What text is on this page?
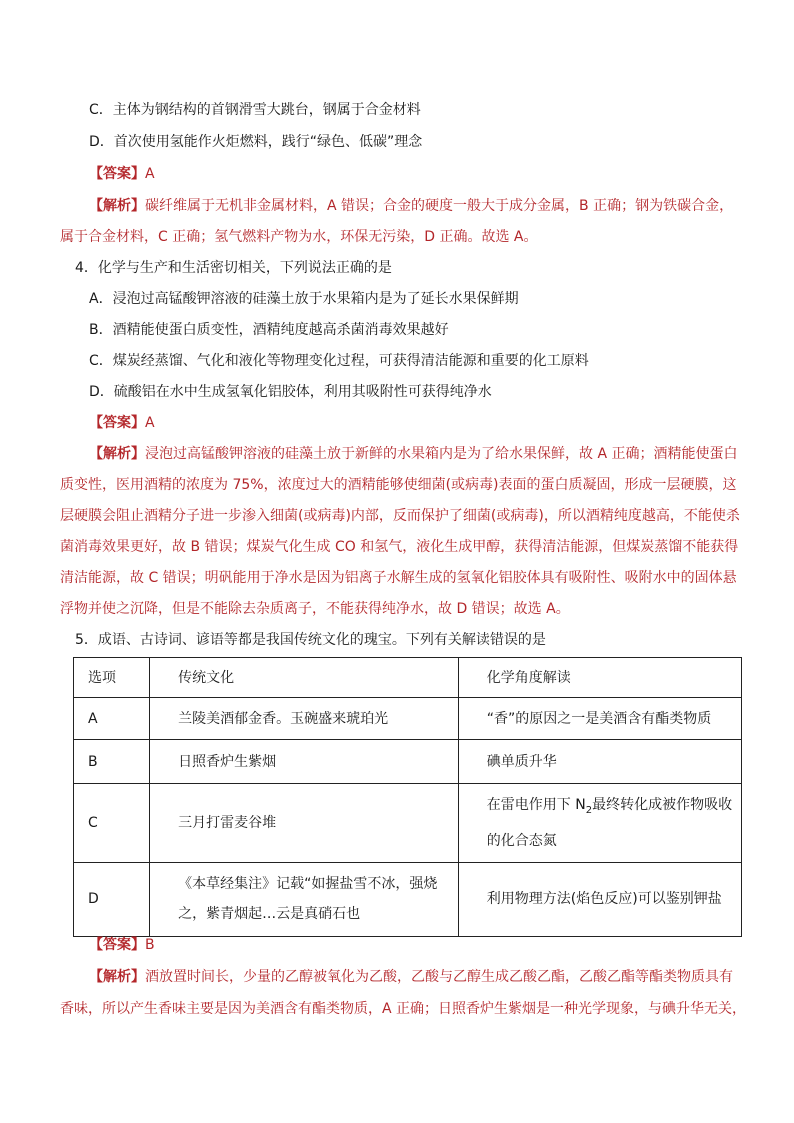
C．主体为钢结构的首钢滑雪大跳台，钢属于合金材料
D．首次使用氢能作火炬燃料，践行“绿色、低碳”理念
【答案】A
【解析】碳纤维属于无机非金属材料，A 错误；合金的硬度一般大于成分金属，B 正确；钢为铁碳合金，
属于合金材料，C 正确；氢气燃料产物为水，环保无污染，D 正确。故选 A。
4．化学与生产和生活密切相关，下列说法正确的是
A．浸泡过高锰酸钾溶液的硅藻土放于水果箱内是为了延长水果保鲜期
B．酒精能使蛋白质变性，酒精纯度越高杀菌消毒效果越好
C．煤炭经蒸馏、气化和液化等物理变化过程，可获得清洁能源和重要的化工原料
D．硫酸铝在水中生成氢氧化铝胶体，利用其吸附性可获得纯净水
【答案】A
【解析】浸泡过高锰酸钾溶液的硅藻土放于新鲜的水果箱内是为了给水果保鲜，故 A 正确；酒精能使蛋白
质变性，医用酒精的浓度为 75%，浓度过大的酒精能够使细菌(或病毒)表面的蛋白质凝固，形成一层硬膜，这
层硬膜会阻止酒精分子进一步渗入细菌(或病毒)内部，反而保护了细菌(或病毒)，所以酒精纯度越高，不能使杀
菌消毒效果更好，故 B 错误；煤炭气化生成 CO 和氢气，液化生成甲醇，获得清洁能源，但煤炭蒸馏不能获得
清洁能源，故 C 错误；明矾能用于净水是因为铝离子水解生成的氢氧化铝胶体具有吸附性、吸附水中的固体悬
浮物并使之沉降，但是不能除去杂质离子，不能获得纯净水，故 D 错误；故选 A。
5．成语、古诗词、谚语等都是我国传统文化的瑰宝。下列有关解读错误的是
选项	传统文化	化学角度解读

A	兰陵美酒郁金香。玉碗盛来琥珀光	“香”的原因之一是美酒含有酯类物质

B	日照香炉生紫烟	碘单质升华

C	三月打雷麦谷堆	在雷电作用下 $N_2$最终转化成被作物吸收的化合态氮

D	《本草经集注》记载“如握盐雪不冰，强烧之，紫青烟起…云是真硝石也	利用物理方法(焰色反应)可以鉴别钾盐
【答案】B
【解析】酒放置时间长，少量的乙醇被氧化为乙酸，乙酸与乙醇生成乙酸乙酯，乙酸乙酯等酯类物质具有
香味，所以产生香味主要是因为美酒含有酯类物质，A 正确；日照香炉生紫烟是一种光学现象，与碘升华无关，
